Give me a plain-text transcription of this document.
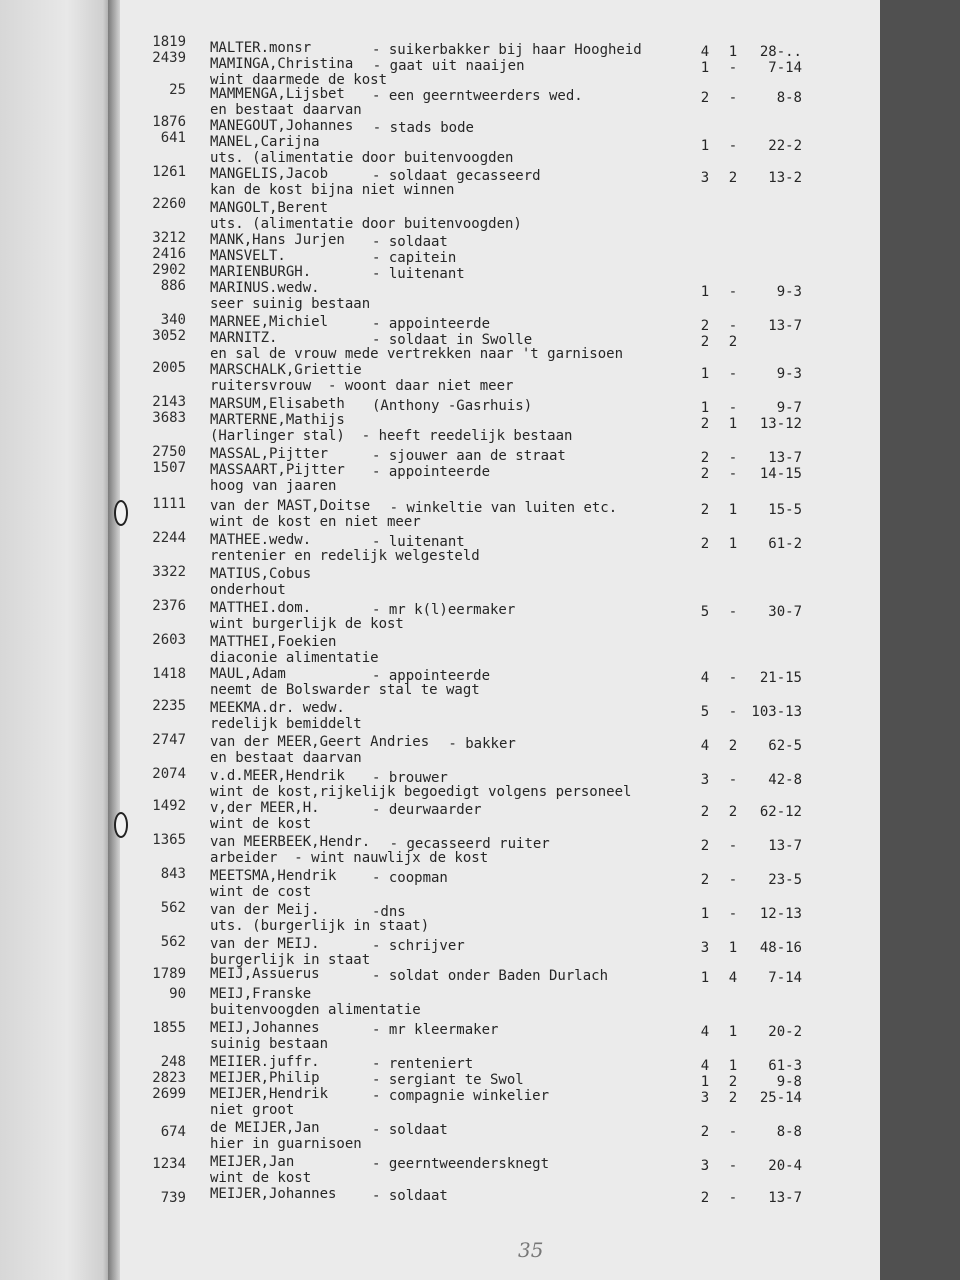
1819 MALTER.monsr	- suikerbakker bij haar Hoogheid	4	1	28-..
2439 MAMINGA,Christina - gaat uit naaijen	1	-	7-14
wint daarmede de kost
25 MAMMENGA,Lijsbet - een geerntweerders wed.	2	-	8-8
en bestaat daarvan
1876 MANEGOUT,Johannes - stads bode
641 MANEL,Carijna	1	-	22-2
uts. (alimentatie door buitenvoogden
1261 MANGELIS,Jacob	- soldaat gecasseerd	3	2	13-2
kan de kost bijna niet winnen
2260 MANGOLT,Berent
uts. (alimentatie door buitenvoogden)
3212 MANK,Hans Jurjen - soldaat
2416 MANSVELT.	- capitein
2902 MARIENBURGH.	- luitenant
886 MARINUS.wedw.	1	-	9-3
seer suinig bestaan
340 MARNEE,Michiel	- appointeerde	2	-	13-7
3052 MARNITZ.	- soldaat in Swolle	2	2
en sal de vrouw mede vertrekken naar 't garnisoen
2005 MARSCHALK,Griettie	1	-	9-3
ruitersvrouw  - woont daar niet meer
2143 MARSUM,Elisabeth (Anthony -Gasrhuis)	1	-	9-7
3683 MARTERNE,Mathijs	2	1	13-12
(Harlinger stal)  - heeft reedelijk bestaan
2750 MASSAL,Pijtter	- sjouwer aan de straat	2	-	13-7
1507 MASSAART,Pijtter - appointeerde	2	-	14-15
hoog van jaaren
1111 van der MAST,Doitse - winkeltie van luiten etc.	2	1	15-5
wint de kost en niet meer
2244 MATHEE.wedw.	- luitenant	2	1	61-2
rentenier en redelijk welgesteld
3322 MATIUS,Cobus
onderhout
2376 MATTHEI.dom.	- mr k(l)eermaker	5	-	30-7
wint burgerlijk de kost
2603 MATTHEI,Foekien
diaconie alimentatie
1418 MAUL,Adam	- appointeerde	4	-	21-15
neemt de Bolswarder stal te wagt
2235 MEEKMA.dr. wedw.	5	-	103-13
redelijk bemiddelt
2747 van der MEER,Geert Andries - bakker	4	2	62-5
en bestaat daarvan
2074 v.d.MEER,Hendrik - brouwer	3	-	42-8
wint de kost,rijkelijk begoedigt volgens personeel
1492 v,der MEER,H.	- deurwaarder	2	2	62-12
wint de kost
1365 van MEERBEEK,Hendr. - gecasseerd ruiter	2	-	13-7
arbeider  - wint nauwlijx de kost
843 MEETSMA,Hendrik	- coopman	2	-	23-5
wint de cost
562 van der Meij.	-dns	1	-	12-13
uts. (burgerlijk in staat)
562 van der MEIJ.	- schrijver	3	1	48-16
burgerlijk in staat
1789 MEIJ,Assuerus	- soldat onder Baden Durlach	1	4	7-14
90 MEIJ,Franske
buitenvoogden alimentatie
1855 MEIJ,Johannes	- mr kleermaker	4	1	20-2
suinig bestaan
248 MEIIER.juffr.	- renteniert	4	1	61-3
2823 MEIJER,Philip	- sergiant te Swol	1	2	9-8
2699 MEIJER,Hendrik	- compagnie winkelier	3	2	25-14
niet groot
674 de MEIJER,Jan	- soldaat	2	-	8-8
hier in guarnisoen
1234 MEIJER,Jan	- geerntweendersknegt	3	-	20-4
wint de kost
739 MEIJER,Johannes	- soldaat	2	-	13-7
35
